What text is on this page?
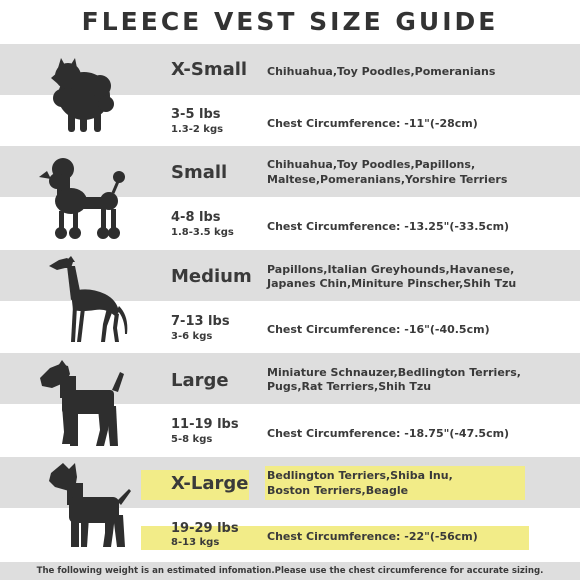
FLEECE VEST SIZE GUIDE
X-Small Chihuahua,Toy Poodles,Pomeranians
3-5 lbs
1.3-2 kgs	Chest Circumference: -11"(-28cm)
Small	Chihuahua,Toy Poodles,Papillons,
Maltese,Pomeranians,Yorshire Terriers
4-8 lbs
1.8-3.5 kgs	Chest Circumference: -13.25"(-33.5cm)
Medium Papillons,Italian Greyhounds,Havanese,
Japanes Chin,Miniture Pinscher,Shih Tzu
7-13 lbs
3-6 kgs
Chest Circumference: -16"(-40.5cm)
Large	Miniature Schnauzer,Bedlington Terriers,
Pugs,Rat Terriers,Shih Tzu
11-19 lbs
5-8 kgs	Chest Circumference: -18.75"(-47.5cm)
X-Large Bedlington Terriers,Shiba Inu,
Boston Terriers,Beagle
19-29 lbs
8-13 kgs	Chest Circumference: -22"(-56cm)
The following weight is an estimated infomation.Please use the chest circumference for accurate sizing.
